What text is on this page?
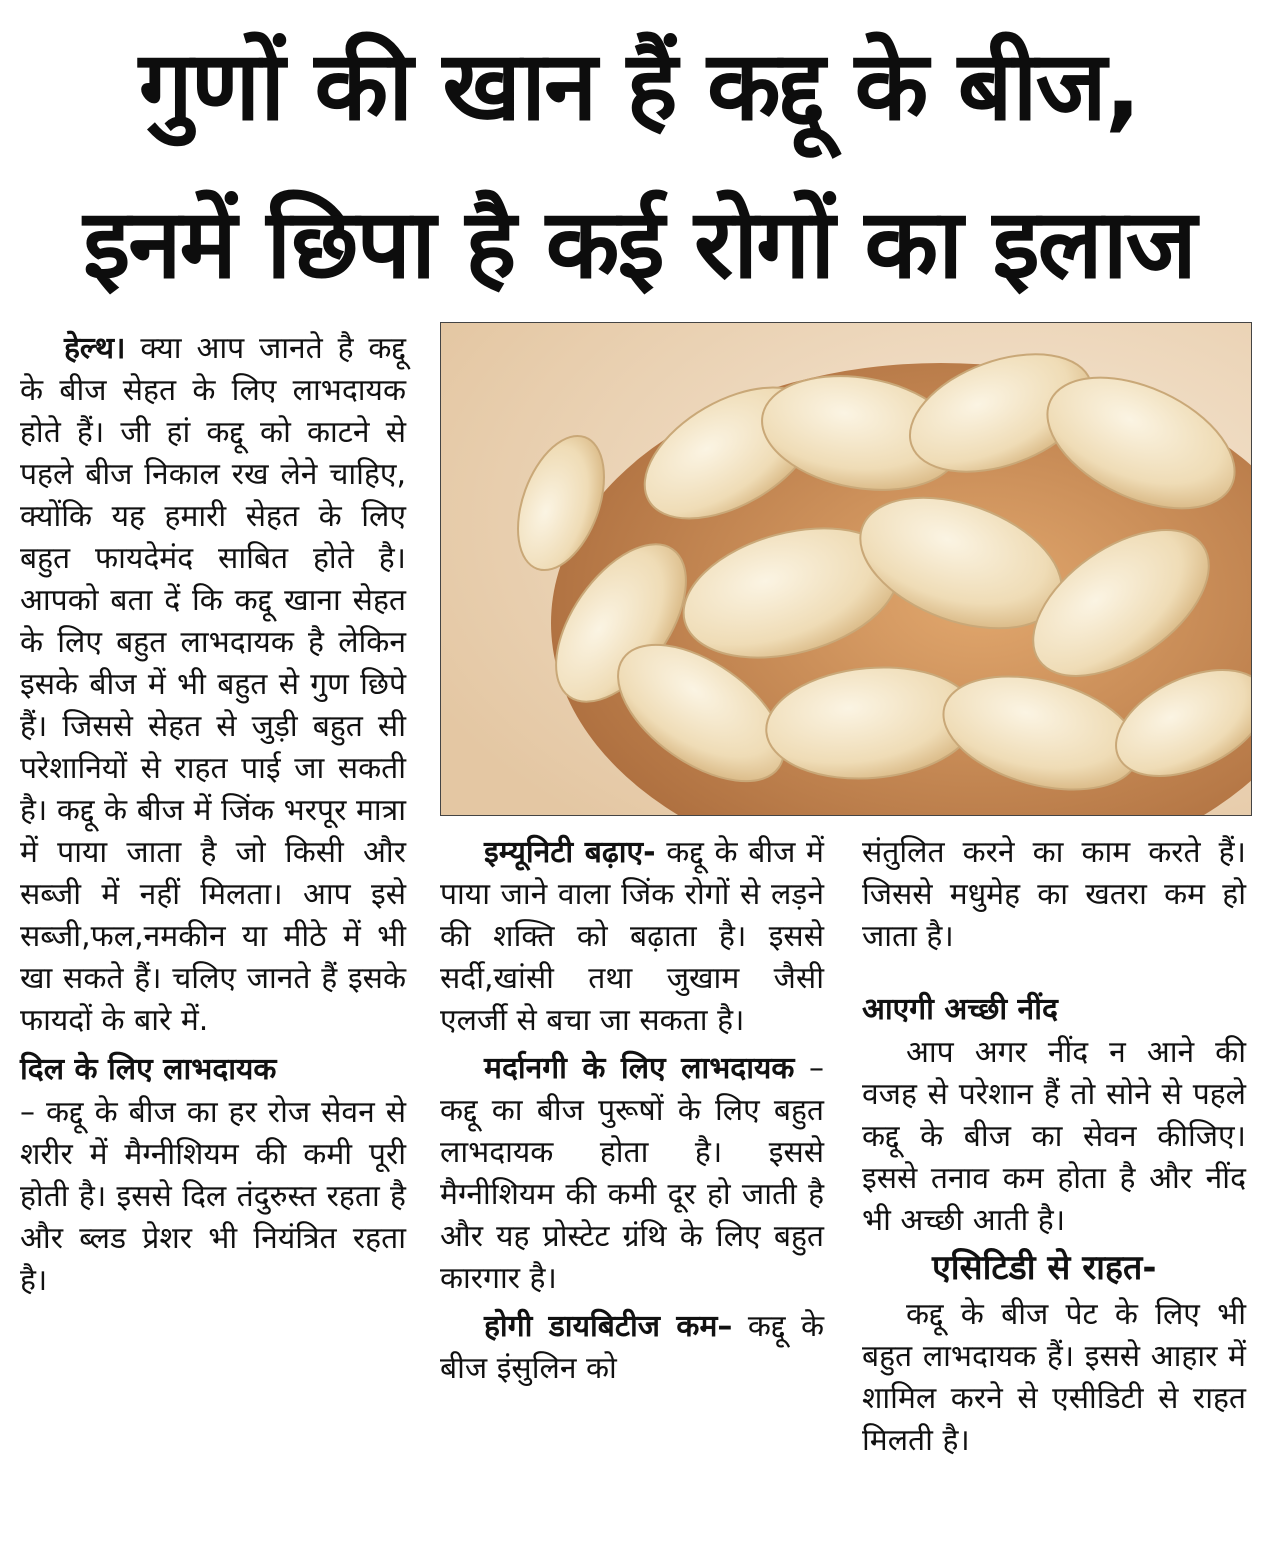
गुणों की खान हैं कद्दू के बीज,
इनमें छिपा है कई रोगों का इलाज

हेल्थ। क्या आप जानते है कद्दू के बीज सेहत के लिए लाभदायक होते हैं। जी हां कद्दू को काटने से पहले बीज निकाल रख लेने चाहिए, क्योंकि यह हमारी सेहत के लिए बहुत फायदेमंद साबित होते है। आपको बता दें कि कद्दू खाना सेहत के लिए बहुत लाभदायक है लेकिन इसके बीज में भी बहुत से गुण छिपे हैं। जिससे सेहत से जुड़ी बहुत सी परेशानियों से राहत पाई जा सकती है। कद्दू के बीज में जिंक भरपूर मात्रा में पाया जाता है जो किसी और सब्जी में नहीं मिलता। आप इसे सब्जी,फल,नमकीन या मीठे में भी खा सकते हैं। चलिए जानते हैं इसके फायदों के बारे में.

दिल के लिए लाभदायक

– कद्दू के बीज का हर रोज सेवन से शरीर में मैग्नीशियम की कमी पूरी होती है। इससे दिल तंदुरुस्त रहता है और ब्लड प्रेशर भी नियंत्रित रहता है।

इम्यूनिटी बढ़ाए- कद्दू के बीज में पाया जाने वाला जिंक रोगों से लड़ने की शक्ति को बढ़ाता है। इससे सर्दी,खांसी तथा जुखाम जैसी एलर्जी से बचा जा सकता है।

मर्दानगी के लिए लाभदायक –कद्दू का बीज पुरूषों के लिए बहुत लाभदायक होता है। इससे मैग्नीशियम की कमी दूर हो जाती है और यह प्रोस्टेट ग्रंथि के लिए बहुत कारगार है।

होगी डायबिटीज कम– कद्दू के बीज इंसुलिन को

संतुलित करने का काम करते हैं। जिससे मधुमेह का खतरा कम हो जाता है।

आएगी अच्छी नींद

आप अगर नींद न आने की वजह से परेशान हैं तो सोने से पहले कद्दू के बीज का सेवन कीजिए। इससे तनाव कम होता है और नींद भी अच्छी आती है।

एसिटिडी से राहत-

कद्दू के बीज पेट के लिए भी बहुत लाभदायक हैं। इससे आहार में शामिल करने से एसीडिटी से राहत मिलती है।
